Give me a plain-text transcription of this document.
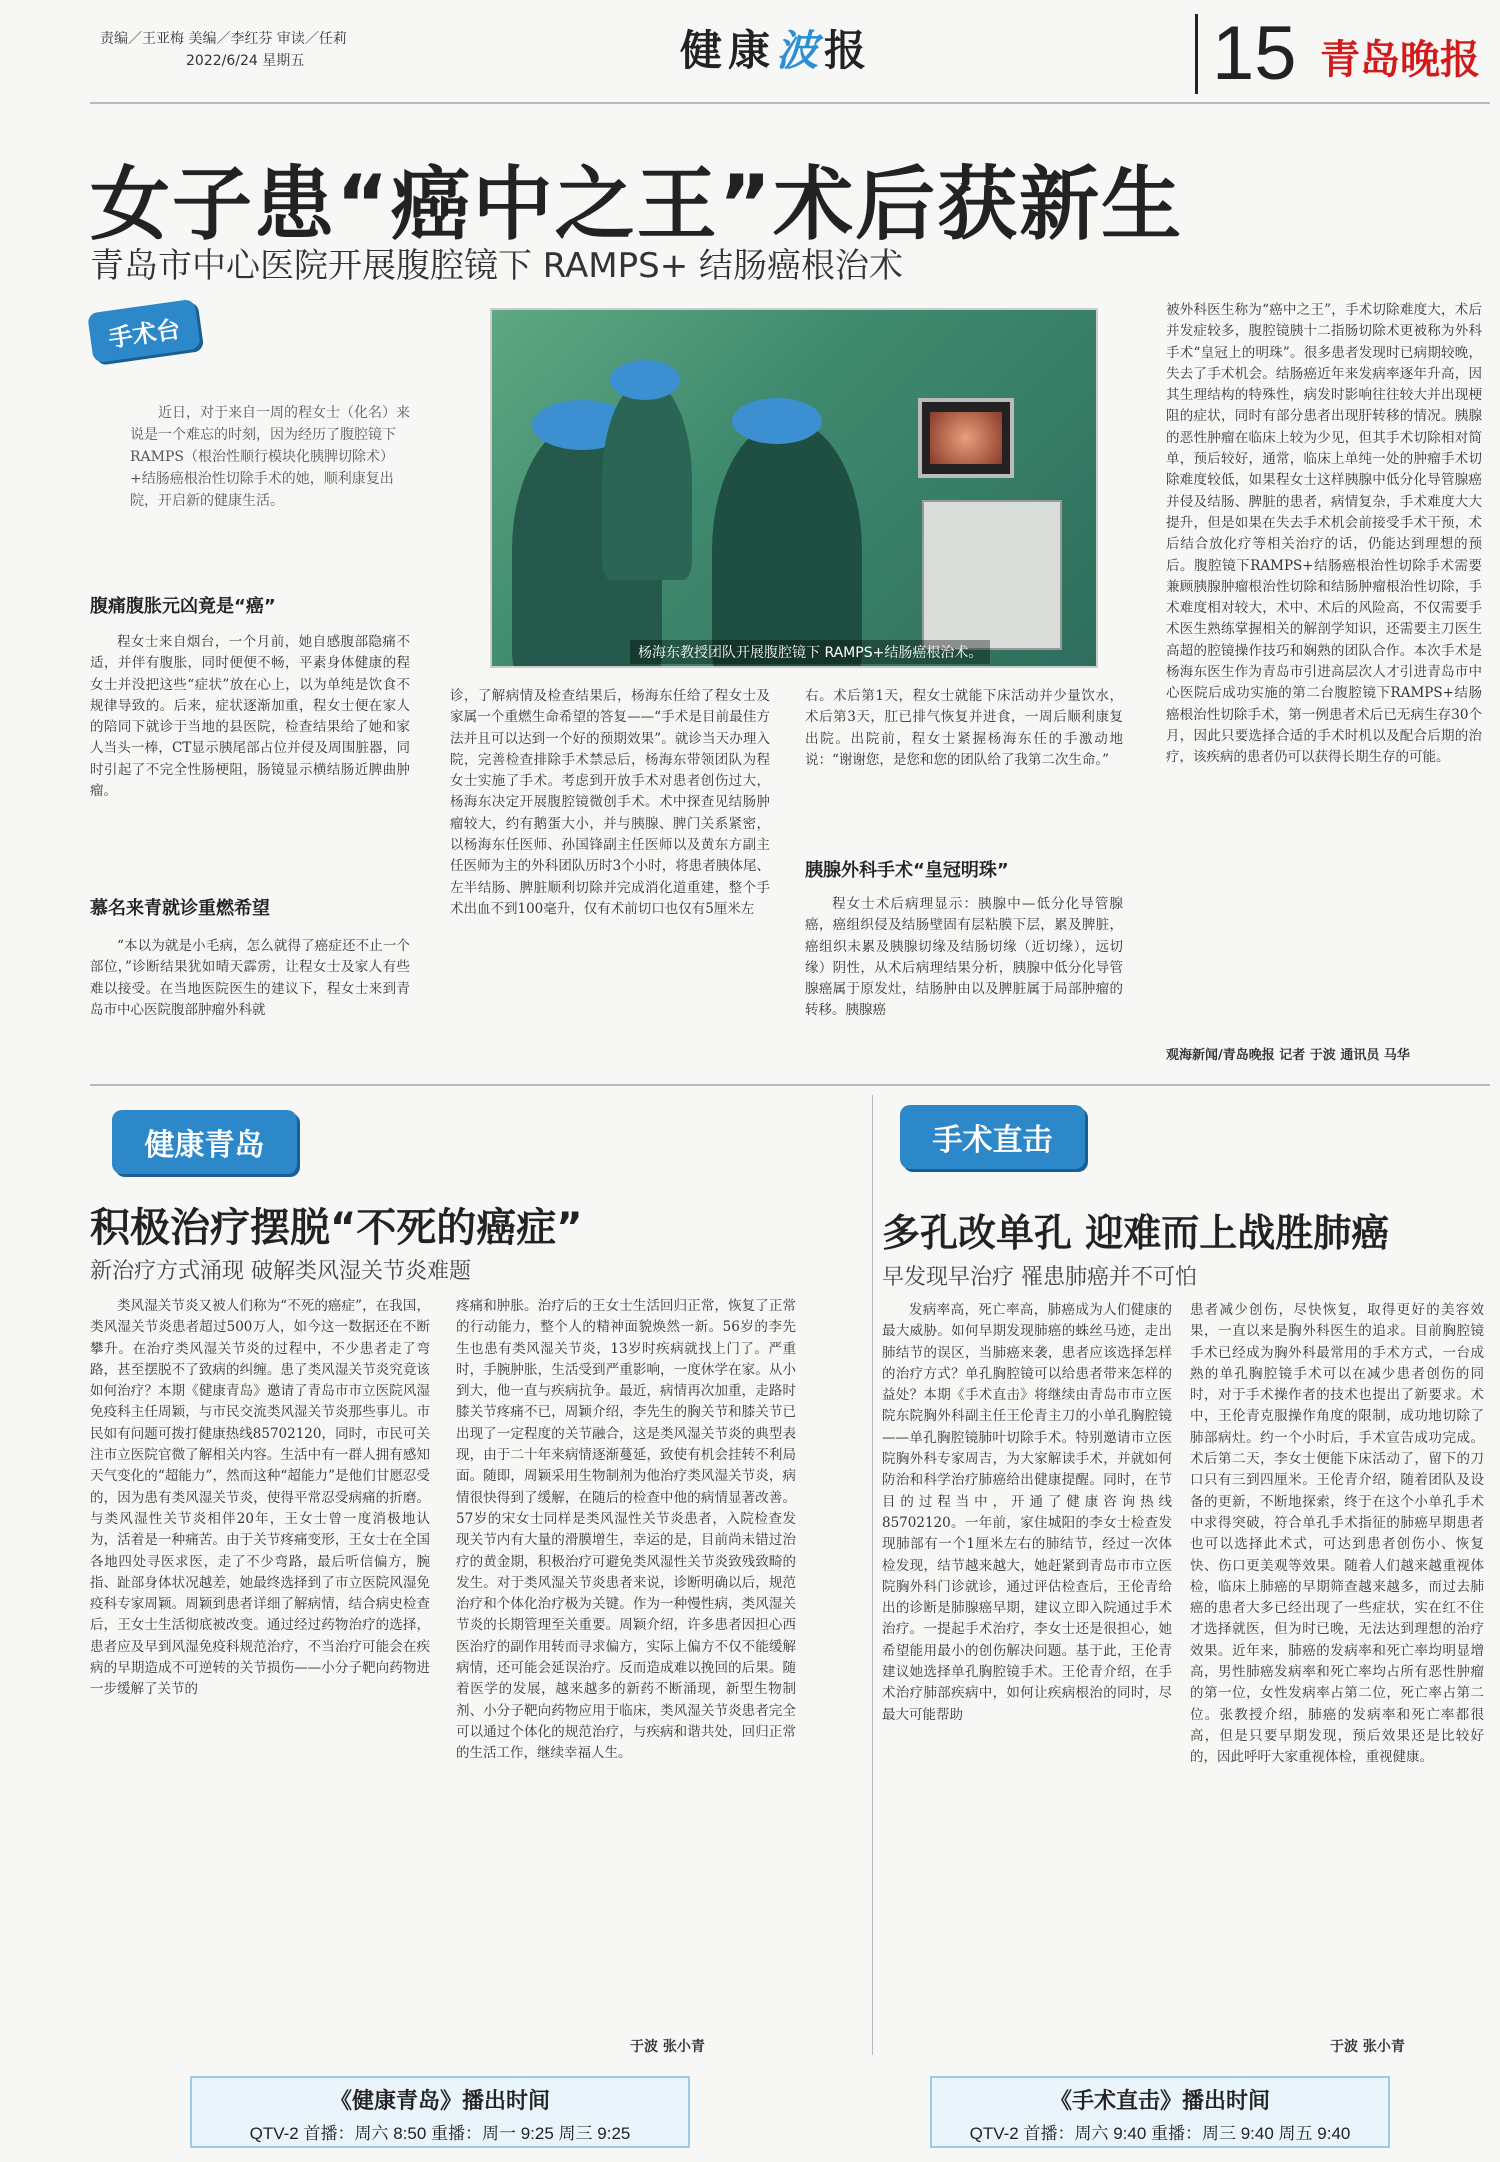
责编／王亚梅 美编／李红芬 审读／任莉
2022/6/24 星期五	健康波报	15 青岛晚报
女子患“癌中之王”术后获新生
青岛市中心医院开展腹腔镜下 RAMPS+ 结肠癌根治术
手术台
近日，对于来自一周的程女士（化名）来说是一个难忘的时刻，因为经历了腹腔镜下RAMPS（根治性顺行模块化胰脾切除术）+结肠癌根治性切除手术的她，顺利康复出院，开启新的健康生活。
杨海东教授团队开展腹腔镜下 RAMPS+结肠癌根治术。
腹痛腹胀元凶竟是“癌”
程女士来自烟台，一个月前，她自感腹部隐痛不适，并伴有腹胀，同时便便不畅，平素身体健康的程女士并没把这些“症状”放在心上，以为单纯是饮食不规律导致的。后来，症状逐渐加重，程女士便在家人的陪同下就诊于当地的县医院，检查结果给了她和家人当头一棒，CT显示胰尾部占位并侵及周围脏器，同时引起了不完全性肠梗阻，肠镜显示横结肠近脾曲肿瘤。
慕名来青就诊重燃希望
“本以为就是小毛病，怎么就得了癌症还不止一个部位，”诊断结果犹如晴天霹雳，让程女士及家人有些难以接受。在当地医院医生的建议下，程女士来到青岛市中心医院腹部肿瘤外科就
诊，了解病情及检查结果后，杨海东任给了程女士及家属一个重燃生命希望的答复——“手术是目前最佳方法并且可以达到一个好的预期效果”。就诊当天办理入院，完善检查排除手术禁忌后，杨海东带领团队为程女士实施了手术。考虑到开放手术对患者创伤过大，杨海东决定开展腹腔镜微创手术。术中探查见结肠肿瘤较大，约有鹅蛋大小，并与胰腺、脾门关系紧密，以杨海东任医师、孙国锋副主任医师以及黄东方副主任医师为主的外科团队历时3个小时，将患者胰体尾、左半结肠、脾脏顺利切除并完成消化道重建，整个手术出血不到100毫升，仅有术前切口也仅有5厘米左
右。术后第1天，程女士就能下床活动并少量饮水，术后第3天，肛已排气恢复并进食，一周后顺利康复出院。出院前，程女士紧握杨海东任的手激动地说：“谢谢您，是您和您的团队给了我第二次生命。”
胰腺外科手术“皇冠明珠”
程女士术后病理显示：胰腺中—低分化导管腺癌，癌组织侵及结肠壁固有层粘膜下层，累及脾脏，癌组织未累及胰腺切缘及结肠切缘（近切缘），远切缘）阴性，从术后病理结果分析，胰腺中低分化导管腺癌属于原发灶，结肠肿由以及脾脏属于局部肿瘤的转移。胰腺癌
被外科医生称为“癌中之王”，手术切除难度大，术后并发症较多，腹腔镜胰十二指肠切除术更被称为外科手术“皇冠上的明珠”。很多患者发现时已病期较晚，失去了手术机会。结肠癌近年来发病率逐年升高，因其生理结构的特殊性，病发时影响往往较大并出现梗阻的症状，同时有部分患者出现肝转移的情况。胰腺的恶性肿瘤在临床上较为少见，但其手术切除相对简单，预后较好，通常，临床上单纯一处的肿瘤手术切除难度较低，如果程女士这样胰腺中低分化导管腺癌并侵及结肠、脾脏的患者，病情复杂，手术难度大大提升，但是如果在失去手术机会前接受手术干预，术后结合放化疗等相关治疗的话，仍能达到理想的预后。腹腔镜下RAMPS+结肠癌根治性切除手术需要兼顾胰腺肿瘤根治性切除和结肠肿瘤根治性切除，手术难度相对较大，术中、术后的风险高，不仅需要手术医生熟练掌握相关的解剖学知识，还需要主刀医生高超的腔镜操作技巧和娴熟的团队合作。本次手术是杨海东医生作为青岛市引进高层次人才引进青岛市中心医院后成功实施的第二台腹腔镜下RAMPS+结肠癌根治性切除手术，第一例患者术后已无病生存30个月，因此只要选择合适的手术时机以及配合后期的治疗，该疾病的患者仍可以获得长期生存的可能。
观海新闻/青岛晚报 记者 于波 通讯员 马华
健康青岛
积极治疗摆脱“不死的癌症”
新治疗方式涌现 破解类风湿关节炎难题
类风湿关节炎又被人们称为“不死的癌症”，在我国，类风湿关节炎患者超过500万人，如今这一数据还在不断攀升。在治疗类风湿关节炎的过程中，不少患者走了弯路，甚至摆脱不了致病的纠缠。患了类风湿关节炎究竟该如何治疗？本期《健康青岛》邀请了青岛市市立医院风湿免疫科主任周颖，与市民交流类风湿关节炎那些事儿。市民如有问题可拨打健康热线85702120，同时，市民可关注市立医院官微了解相关内容。生活中有一群人拥有感知天气变化的“超能力”，然而这种“超能力”是他们甘愿忍受的，因为患有类风湿关节炎，使得平常忍受病痛的折磨。与类风湿性关节炎相伴20年，王女士曾一度消极地认为，活着是一种痛苦。由于关节疼痛变形，王女士在全国各地四处寻医求医，走了不少弯路，最后听信偏方，腕指、趾部身体状况越差，她最终选择到了市立医院风湿免疫科专家周颖。周颖到患者详细了解病情，结合病史检查后，王女士生活彻底被改变。通过经过药物治疗的选择，患者应及早到风湿免疫科规范治疗，不当治疗可能会在疾病的早期造成不可逆转的关节损伤——小分子靶向药物进一步缓解了关节的
疼痛和肿胀。治疗后的王女士生活回归正常，恢复了正常的行动能力，整个人的精神面貌焕然一新。56岁的李先生也患有类风湿关节炎，13岁时疾病就找上门了。严重时，手腕肿胀，生活受到严重影响，一度休学在家。从小到大，他一直与疾病抗争。最近，病情再次加重，走路时膝关节疼痛不已，周颖介绍，李先生的胸关节和膝关节已出现了一定程度的关节融合，这是类风湿关节炎的典型表现，由于二十年来病情逐渐蔓延，致使有机会挂转不利局面。随即，周颖采用生物制剂为他治疗类风湿关节炎，病情很快得到了缓解，在随后的检查中他的病情显著改善。57岁的宋女士同样是类风湿性关节炎患者，入院检查发现关节内有大量的滑膜增生，幸运的是，目前尚未错过治疗的黄金期，积极治疗可避免类风湿性关节炎致残致畸的发生。对于类风湿关节炎患者来说，诊断明确以后，规范治疗和个体化治疗极为关键。作为一种慢性病，类风湿关节炎的长期管理至关重要。周颖介绍，许多患者因担心西医治疗的副作用转而寻求偏方，实际上偏方不仅不能缓解病情，还可能会延误治疗。反而造成难以挽回的后果。随着医学的发展，越来越多的新药不断涌现，新型生物制剂、小分子靶向药物应用于临床，类风湿关节炎患者完全可以通过个体化的规范治疗，与疾病和谐共处，回归正常的生活工作，继续幸福人生。
于波 张小青
手术直击
多孔改单孔 迎难而上战胜肺癌
早发现早治疗 罹患肺癌并不可怕
发病率高，死亡率高，肺癌成为人们健康的最大威胁。如何早期发现肺癌的蛛丝马迹，走出肺结节的误区，当肺癌来袭，患者应该选择怎样的治疗方式？单孔胸腔镜可以给患者带来怎样的益处？本期《手术直击》将继续由青岛市市立医院东院胸外科副主任王伦青主刀的小单孔胸腔镜——单孔胸腔镜肺叶切除手术。特别邀请市立医院胸外科专家周吉，为大家解读手术，并就如何防治和科学治疗肺癌给出健康提醒。同时，在节目的过程当中，开通了健康咨询热线85702120。一年前，家住城阳的李女士检查发现肺部有一个1厘米左右的肺结节，经过一次体检发现，结节越来越大，她赶紧到青岛市市立医院胸外科门诊就诊，通过评估检查后，王伦青给出的诊断是肺腺癌早期，建议立即入院通过手术治疗。一提起手术治疗，李女士还是很担心，她希望能用最小的创伤解决问题。基于此，王伦青建议她选择单孔胸腔镜手术。王伦青介绍，在手术治疗肺部疾病中，如何让疾病根治的同时，尽最大可能帮助
患者减少创伤，尽快恢复，取得更好的美容效果，一直以来是胸外科医生的追求。目前胸腔镜手术已经成为胸外科最常用的手术方式，一台成熟的单孔胸腔镜手术可以在减少患者创伤的同时，对于手术操作者的技术也提出了新要求。术中，王伦青克服操作角度的限制，成功地切除了肺部病灶。约一个小时后，手术宣告成功完成。术后第二天，李女士便能下床活动了，留下的刀口只有三到四厘米。王伦青介绍，随着团队及设备的更新，不断地探索，终于在这个小单孔手术中求得突破，符合单孔手术指征的肺癌早期患者也可以选择此术式，可达到患者创伤小、恢复快、伤口更美观等效果。随着人们越来越重视体检，临床上肺癌的早期筛查越来越多，而过去肺癌的患者大多已经出现了一些症状，实在红不住才选择就医，但为时已晚，无法达到理想的治疗效果。近年来，肺癌的发病率和死亡率均明显增高，男性肺癌发病率和死亡率均占所有恶性肿瘤的第一位，女性发病率占第二位，死亡率占第二位。张教授介绍，肺癌的发病率和死亡率都很高，但是只要早期发现，预后效果还是比较好的，因此呼吁大家重视体检，重视健康。
于波 张小青
《健康青岛》播出时间
QTV-2 首播：周六 8:50 重播：周一 9:25 周三 9:25
《手术直击》播出时间
QTV-2 首播：周六 9:40 重播：周三 9:40 周五 9:40
